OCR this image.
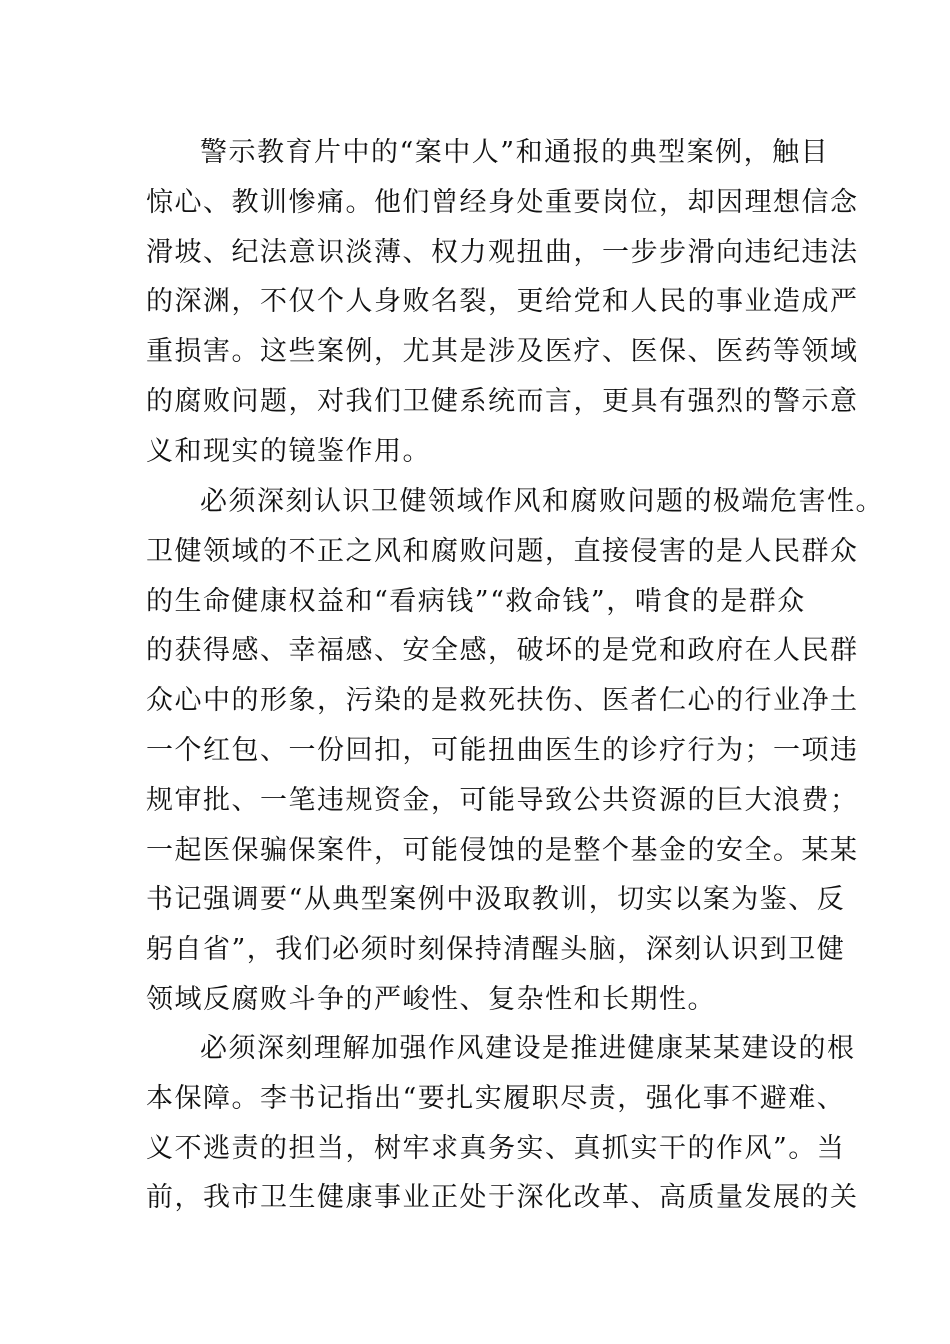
警示教育片中的“案中人”和通报的典型案例，触目
惊心、教训惨痛。他们曾经身处重要岗位，却因理想信念
滑坡、纪法意识淡薄、权力观扭曲，一步步滑向违纪违法
的深渊，不仅个人身败名裂，更给党和人民的事业造成严
重损害。这些案例，尤其是涉及医疗、医保、医药等领域
的腐败问题，对我们卫健系统而言，更具有强烈的警示意
义和现实的镜鉴作用。
必须深刻认识卫健领域作风和腐败问题的极端危害性。
卫健领域的不正之风和腐败问题，直接侵害的是人民群众
的生命健康权益和“看病钱”“救命钱”，啃食的是群众
的获得感、幸福感、安全感，破坏的是党和政府在人民群
众心中的形象，污染的是救死扶伤、医者仁心的行业净土
一个红包、一份回扣，可能扭曲医生的诊疗行为；一项违
规审批、一笔违规资金，可能导致公共资源的巨大浪费；
一起医保骗保案件，可能侵蚀的是整个基金的安全。某某
书记强调要“从典型案例中汲取教训，切实以案为鉴、反
躬自省”，我们必须时刻保持清醒头脑，深刻认识到卫健
领域反腐败斗争的严峻性、复杂性和长期性。
必须深刻理解加强作风建设是推进健康某某建设的根
本保障。李书记指出“要扎实履职尽责，强化事不避难、
义不逃责的担当，树牢求真务实、真抓实干的作风”。当
前，我市卫生健康事业正处于深化改革、高质量发展的关
